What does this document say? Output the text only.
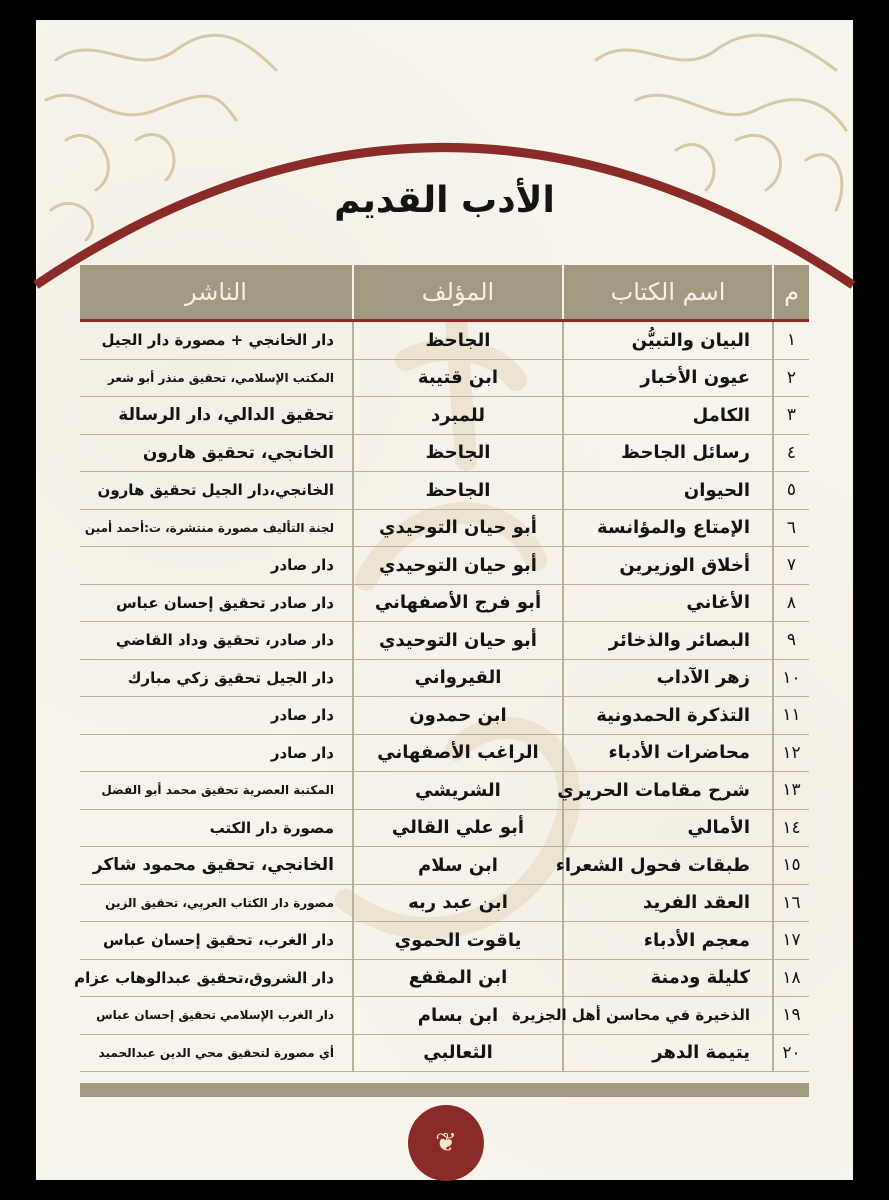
الأدب القديم
م	اسم الكتاب	المؤلف	الناشر
١	البيان والتبيُّن	الجاحظ	دار الخانجي + مصورة دار الجيل
٢	عيون الأخبار	ابن قتيبة	المكتب الإسلامي، تحقيق منذر أبو شعر
٣	الكامل	للمبرد	تحقيق الدالي، دار الرسالة
٤	رسائل الجاحظ	الجاحظ	الخانجي، تحقيق هارون
٥	الحيوان	الجاحظ	الخانجي،دار الجيل تحقيق هارون
٦	الإمتاع والمؤانسة	أبو حيان التوحيدي	لجنة التأليف مصورة منتشرة، ت:أحمد أمين
٧	أخلاق الوزيرين	أبو حيان التوحيدي	دار صادر
٨	الأغاني	أبو فرج الأصفهاني	دار صادر تحقيق إحسان عباس
٩	البصائر والذخائر	أبو حيان التوحيدي	دار صادر، تحقيق وداد القاضي
١٠	زهر الآداب	القيرواني	دار الجيل تحقيق زكي مبارك
١١	التذكرة الحمدونية	ابن حمدون	دار صادر
١٢	محاضرات الأدباء	الراغب الأصفهاني	دار صادر
١٣	شرح مقامات الحريري	الشريشي	المكتبة العصرية تحقيق محمد أبو الفضل
١٤	الأمالي	أبو علي القالي	مصورة دار الكتب
١٥	طبقات فحول الشعراء	ابن سلام	الخانجي، تحقيق محمود شاكر
١٦	العقد الفريد	ابن عبد ربه	مصورة دار الكتاب العربي، تحقيق الزين
١٧	معجم الأدباء	ياقوت الحموي	دار الغرب، تحقيق إحسان عباس
١٨	كليلة ودمنة	ابن المقفع	دار الشروق،تحقيق عبدالوهاب عزام
١٩	الذخيرة في محاسن أهل الجزيرة	ابن بسام	دار الغرب الإسلامي تحقيق إحسان عباس
٢٠	يتيمة الدهر	الثعالبي	أي مصورة لتحقيق محي الدين عبدالحميد
❦
